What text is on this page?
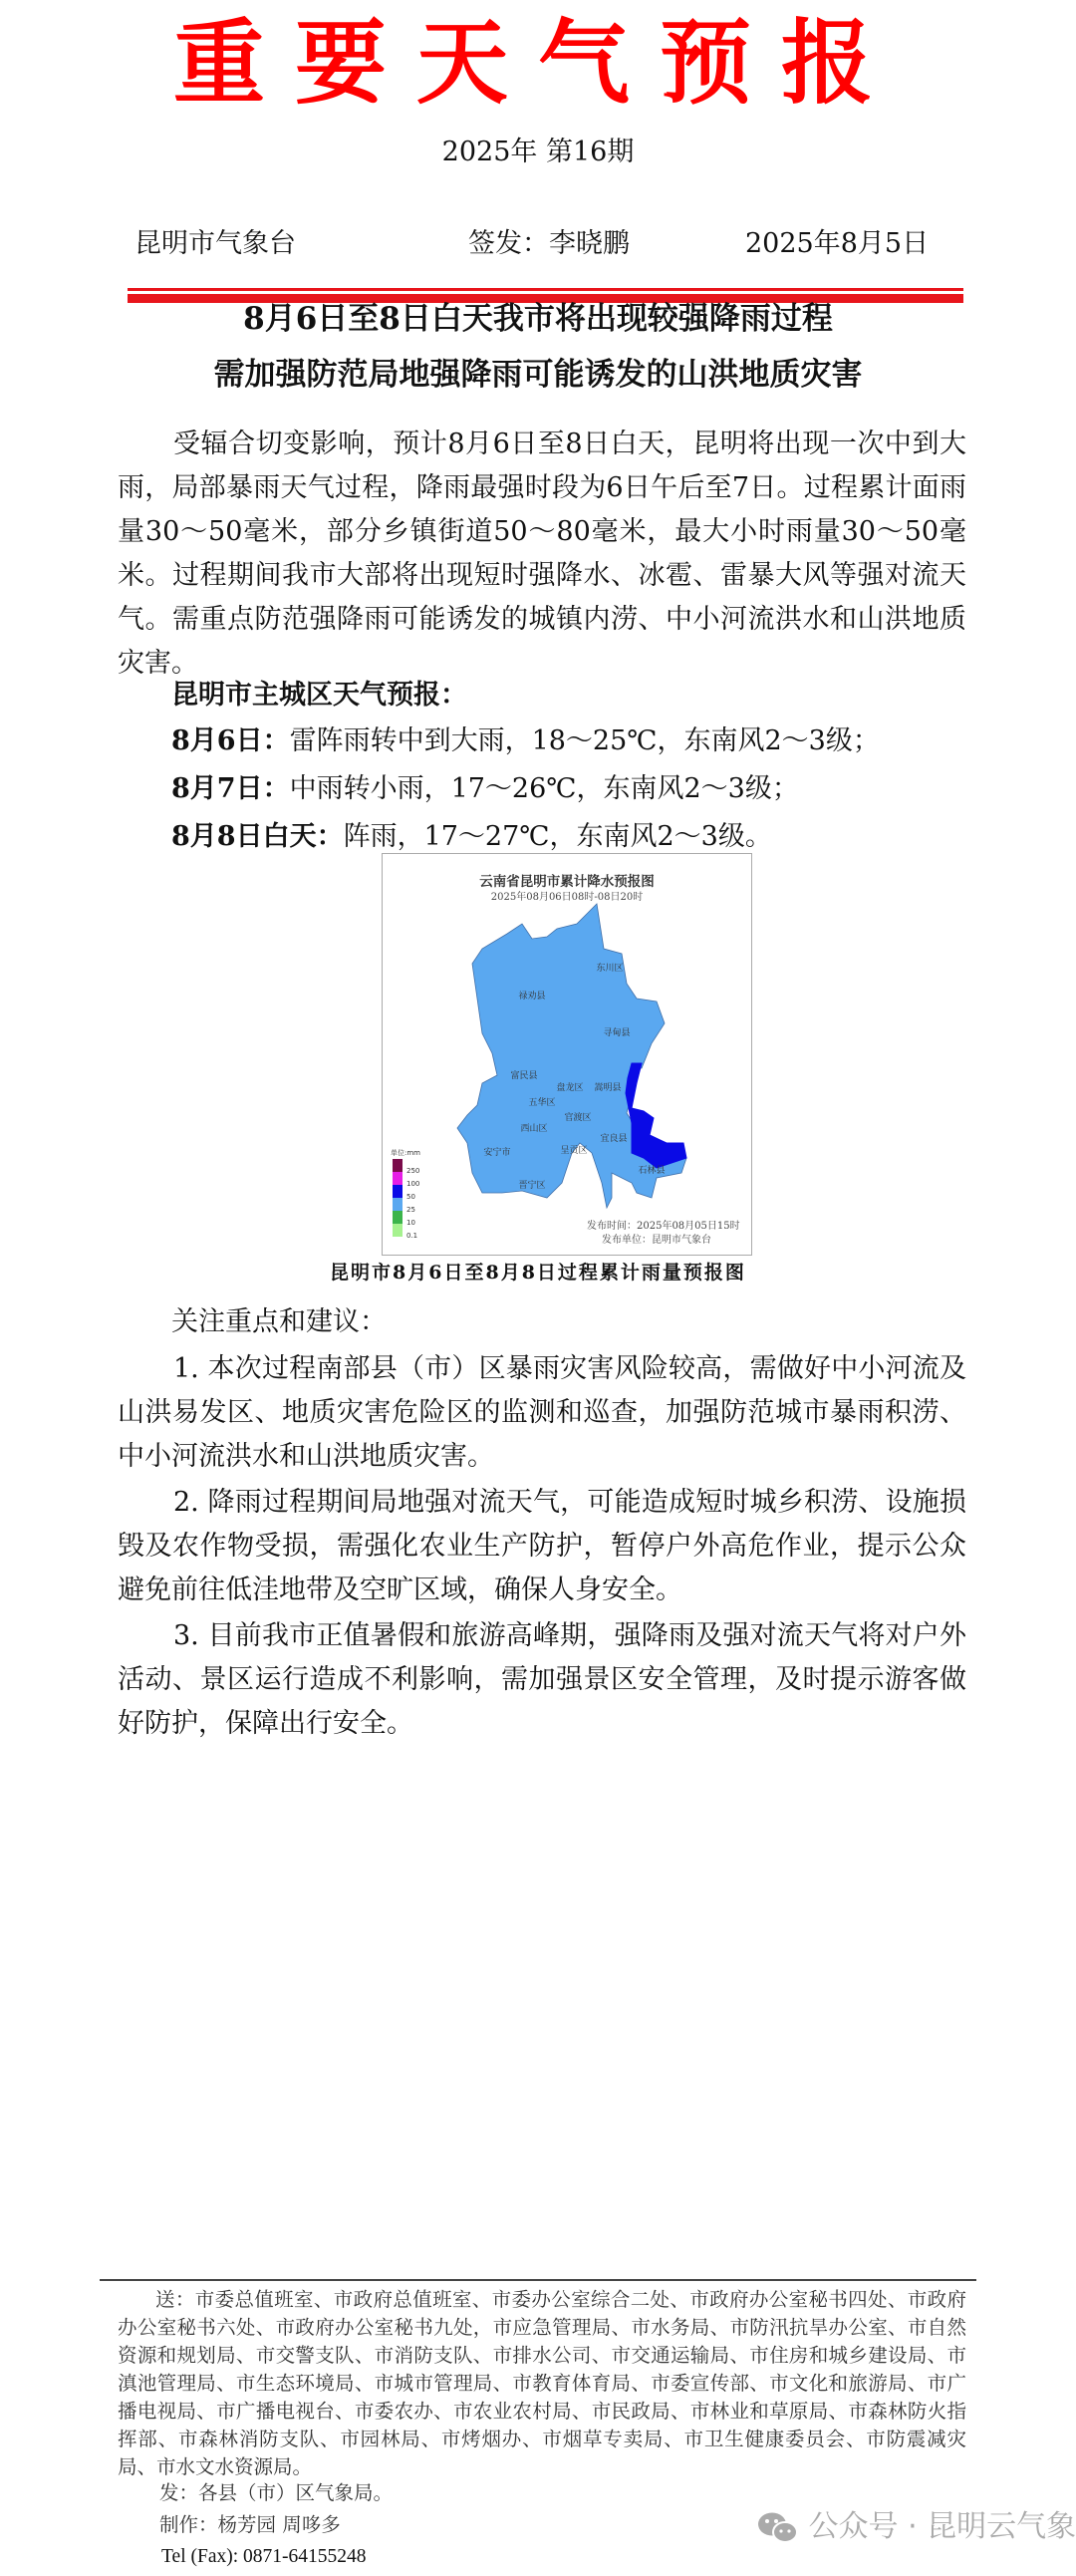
重要天气预报
2025年 第16期
昆明市气象台	签发：李晓鹏	2025年8月5日
8月6日至8日白天我市将出现较强降雨过程
需加强防范局地强降雨可能诱发的山洪地质灾害
受辐合切变影响，预计8月6日至8日白天，昆明将出现一次中到大雨，局部暴雨天气过程，降雨最强时段为6日午后至7日。过程累计面雨量30～50毫米，部分乡镇街道50～80毫米，最大小时雨量30～50毫米。过程期间我市大部将出现短时强降水、冰雹、雷暴大风等强对流天气。需重点防范强降雨可能诱发的城镇内涝、中小河流洪水和山洪地质灾害。
昆明市主城区天气预报：
8月6日：雷阵雨转中到大雨，18～25℃，东南风2～3级；
8月7日：中雨转小雨，17～26℃，东南风2～3级；
8月8日白天：阵雨，17～27℃，东南风2～3级。
云南省昆明市累计降水预报图
2025年08月06日08时-08日20时
东川区
禄劝县
寻甸县
富民县
盘龙区 嵩明县
五华区
官渡区
西山区
宜良县
安宁市	呈贡区
石林县
晋宁区
单位:mm
250
100
50
25
10
0.1
发布时间：2025年08月05日15时
发布单位：昆明市气象台
昆明市8月6日至8月8日过程累计雨量预报图
关注重点和建议：
1. 本次过程南部县（市）区暴雨灾害风险较高，需做好中小河流及山洪易发区、地质灾害危险区的监测和巡查，加强防范城市暴雨积涝、中小河流洪水和山洪地质灾害。
2. 降雨过程期间局地强对流天气，可能造成短时城乡积涝、设施损毁及农作物受损，需强化农业生产防护，暂停户外高危作业，提示公众避免前往低洼地带及空旷区域，确保人身安全。
3. 目前我市正值暑假和旅游高峰期，强降雨及强对流天气将对户外活动、景区运行造成不利影响，需加强景区安全管理，及时提示游客做好防护，保障出行安全。
送：市委总值班室、市政府总值班室、市委办公室综合二处、市政府办公室秘书四处、市政府办公室秘书六处、市政府办公室秘书九处，市应急管理局、市水务局、市防汛抗旱办公室、市自然资源和规划局、市交警支队、市消防支队、市排水公司、市交通运输局、市住房和城乡建设局、市滇池管理局、市生态环境局、市城市管理局、市教育体育局、市委宣传部、市文化和旅游局、市广播电视局、市广播电视台、市委农办、市农业农村局、市民政局、市林业和草原局、市森林防火指挥部、市森林消防支队、市园林局、市烤烟办、市烟草专卖局、市卫生健康委员会、市防震减灾局、市水文水资源局。
发：各县（市）区气象局。
制作：杨芳园 周哆多
Tel (Fax): 0871-64155248
公众号 · 昆明云气象
